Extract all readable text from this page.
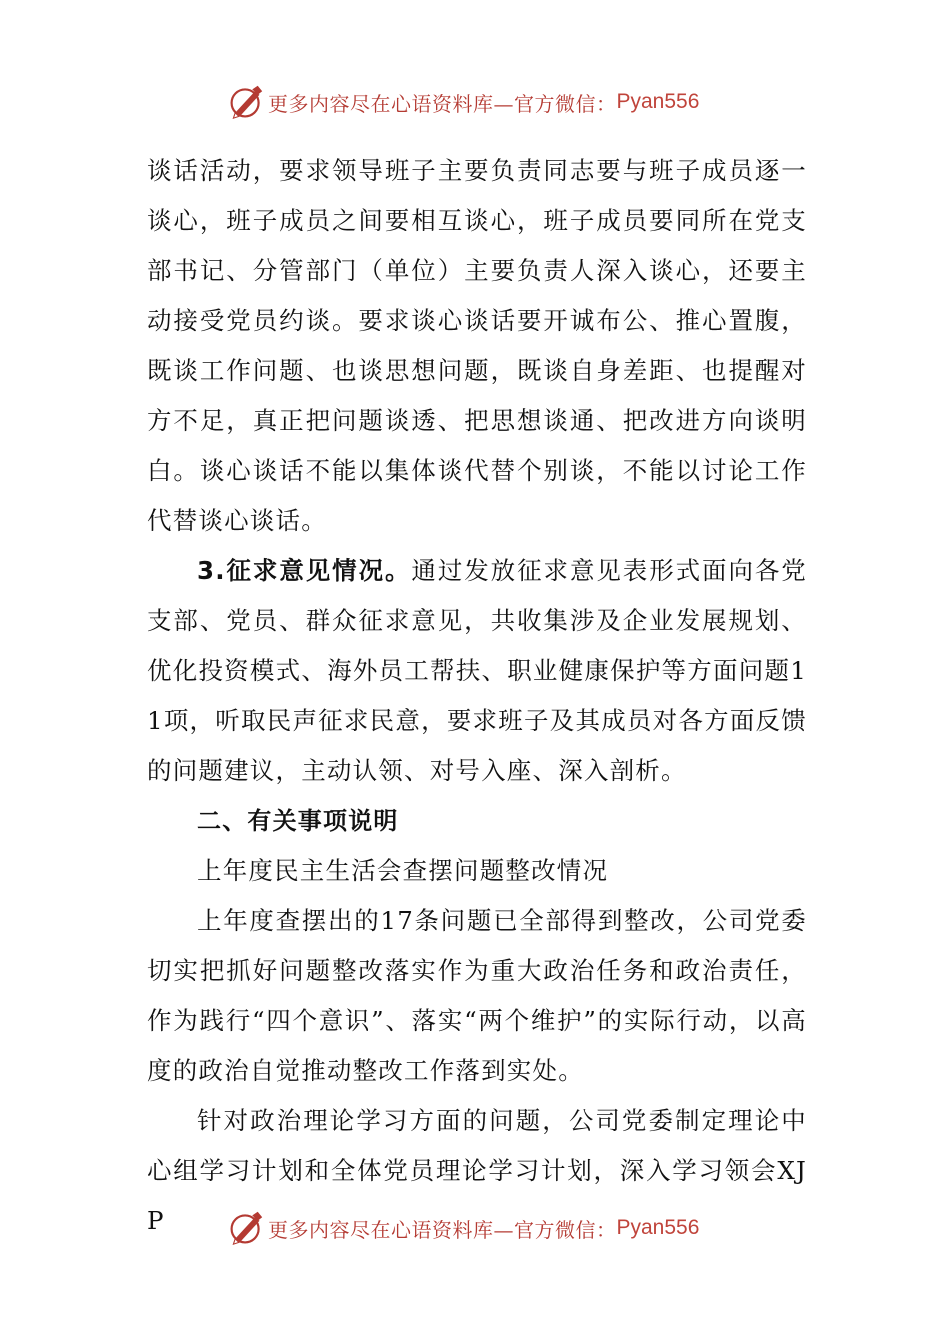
更多内容尽在心语资料库—官方微信： Pyan556

谈话活动，要求领导班子主要负责同志要与班子成员逐一谈心，班子成员之间要相互谈心，班子成员要同所在党支部书记、分管部门（单位）主要负责人深入谈心，还要主动接受党员约谈。要求谈心谈话要开诚布公、推心置腹，既谈工作问题、也谈思想问题，既谈自身差距、也提醒对方不足，真正把问题谈透、把思想谈通、把改进方向谈明白。谈心谈话不能以集体谈代替个别谈，不能以讨论工作代替谈心谈话。

3.征求意见情况。通过发放征求意见表形式面向各党支部、党员、群众征求意见，共收集涉及企业发展规划、优化投资模式、海外员工帮扶、职业健康保护等方面问题11项，听取民声征求民意，要求班子及其成员对各方面反馈的问题建议，主动认领、对号入座、深入剖析。

二、有关事项说明

上年度民主生活会查摆问题整改情况

上年度查摆出的17条问题已全部得到整改，公司党委切实把抓好问题整改落实作为重大政治任务和政治责任，作为践行“四个意识”、落实“两个维护”的实际行动，以高度的政治自觉推动整改工作落到实处。

针对政治理论学习方面的问题，公司党委制定理论中心组学习计划和全体党员理论学习计划，深入学习领会XJP	更多内容尽在心语资料库—官方微信： Pyan556
